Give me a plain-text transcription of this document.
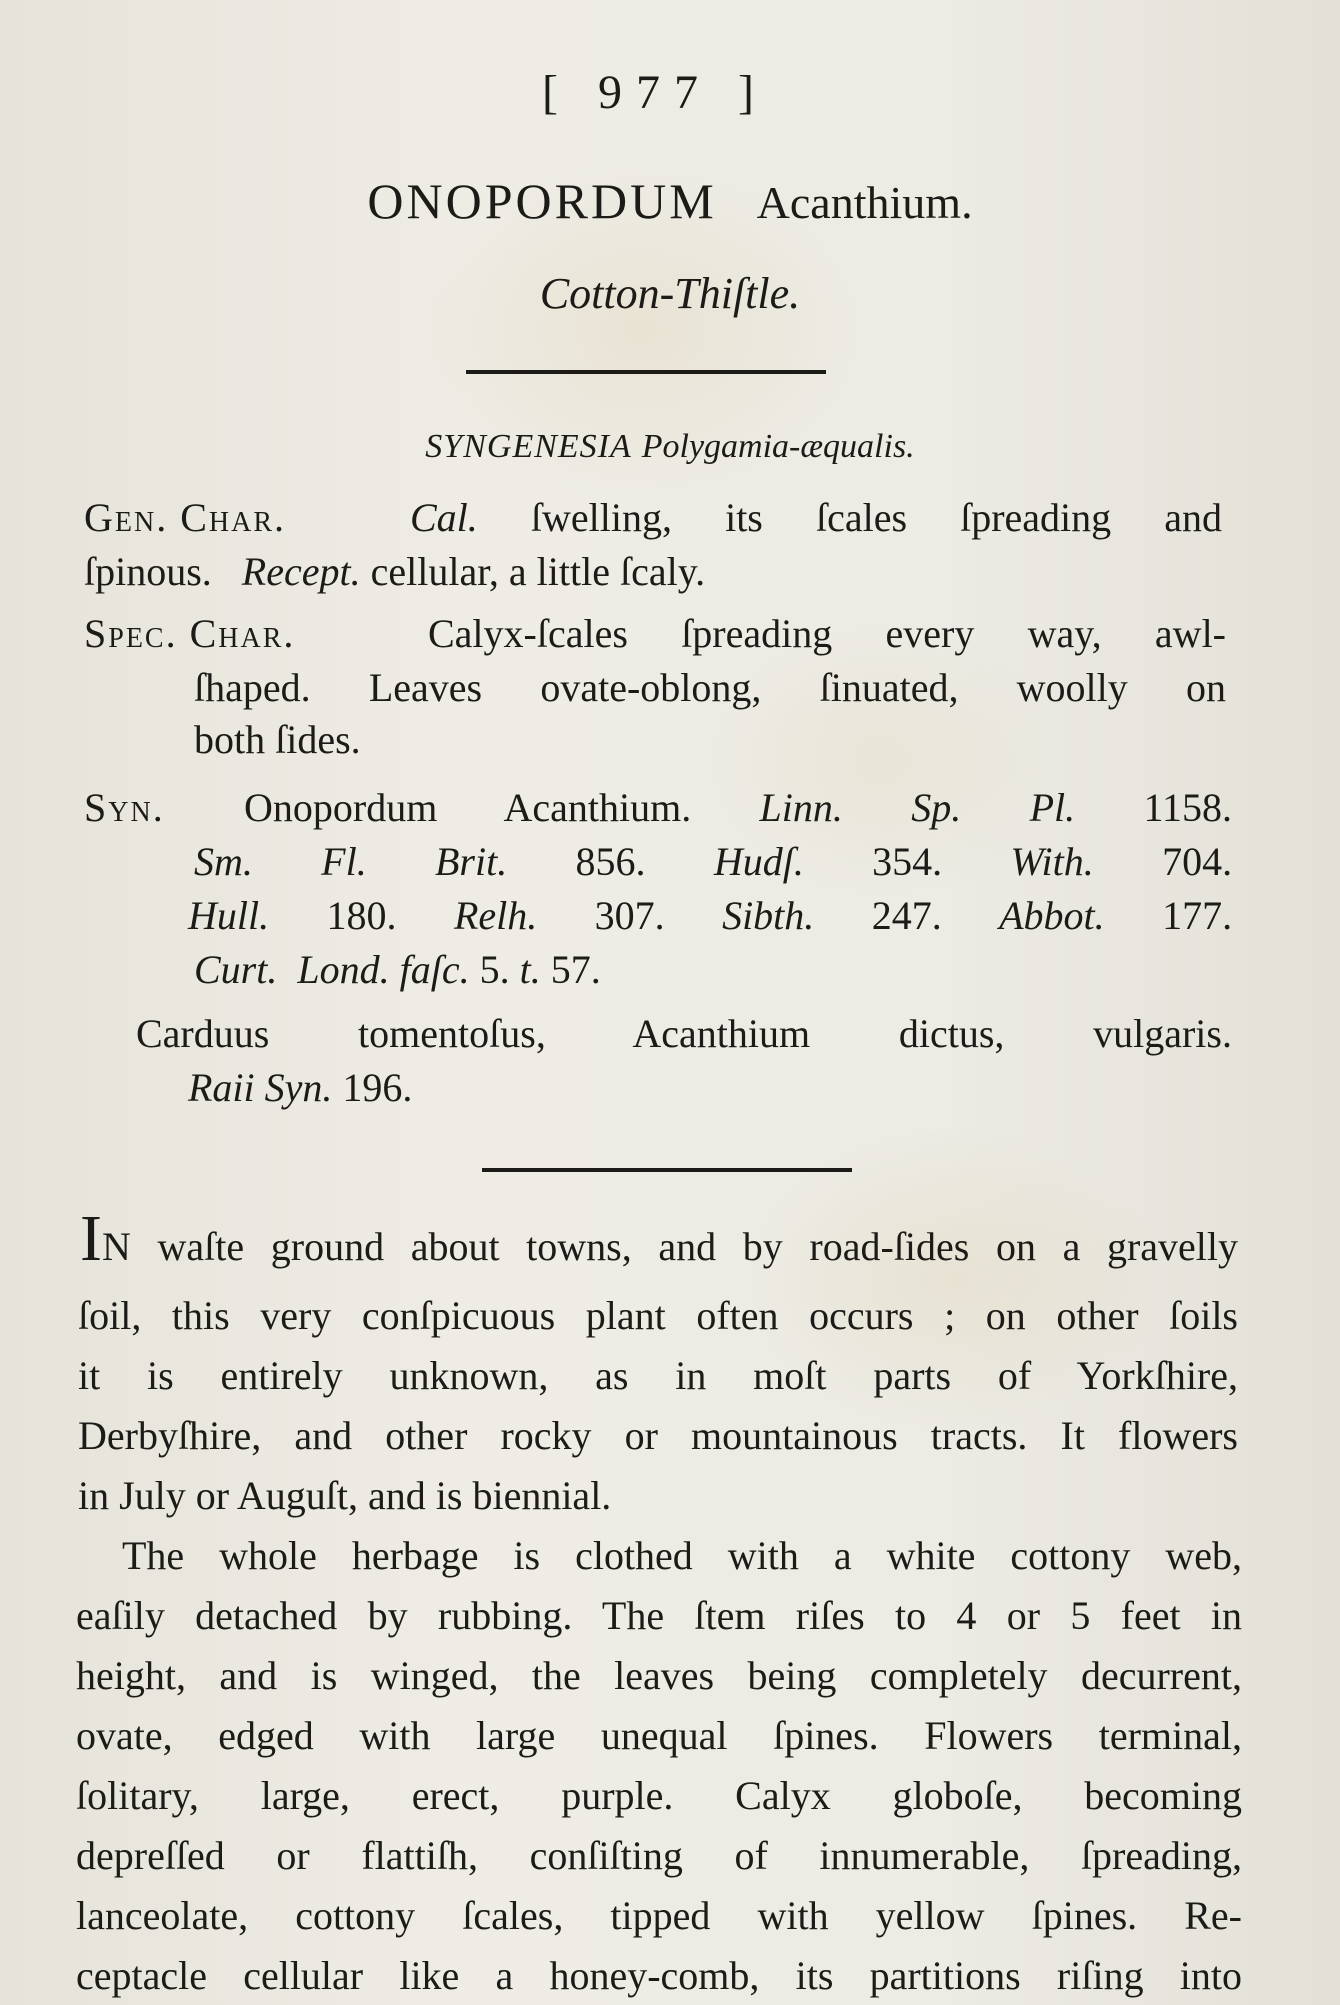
[ 977 ]
ONOPORDUM Acanthium.
Cotton-Thiſtle.
SYNGENESIA Polygamia-æqualis.
Gen. Char.	Cal. ſwelling, its ſcales ſpreading and
ſpinous. Recept. cellular, a little ſcaly.
Spec. Char.	Calyx-ſcales ſpreading every way, awl-
ſhaped. Leaves ovate-oblong, ſinuated, woolly on
both ſides.
Syn. Onopordum Acanthium. Linn. Sp. Pl. 1158.
Sm. Fl. Brit. 856. Hudſ. 354. With. 704.
Hull. 180. Relh. 307. Sibth. 247. Abbot. 177.
Curt. Lond. faſc. 5. t. 57.
Carduus tomentoſus, Acanthium dictus, vulgaris.
Raii Syn. 196.
IN waſte ground about towns, and by road-ſides on a gravelly
ſoil, this very conſpicuous plant often occurs ; on other ſoils
it is entirely unknown, as in moſt parts of Yorkſhire,
Derbyſhire, and other rocky or mountainous tracts. It flowers
in July or Auguſt, and is biennial.
The whole herbage is clothed with a white cottony web,
eaſily detached by rubbing. The ſtem riſes to 4 or 5 feet in
height, and is winged, the leaves being completely decurrent,
ovate, edged with large unequal ſpines. Flowers terminal,
ſolitary, large, erect, purple. Calyx globoſe, becoming
depreſſed or flattiſh, conſiſting of innumerable, ſpreading,
lanceolate, cottony ſcales, tipped with yellow ſpines. Re-
ceptacle cellular like a honey-comb, its partitions riſing into
